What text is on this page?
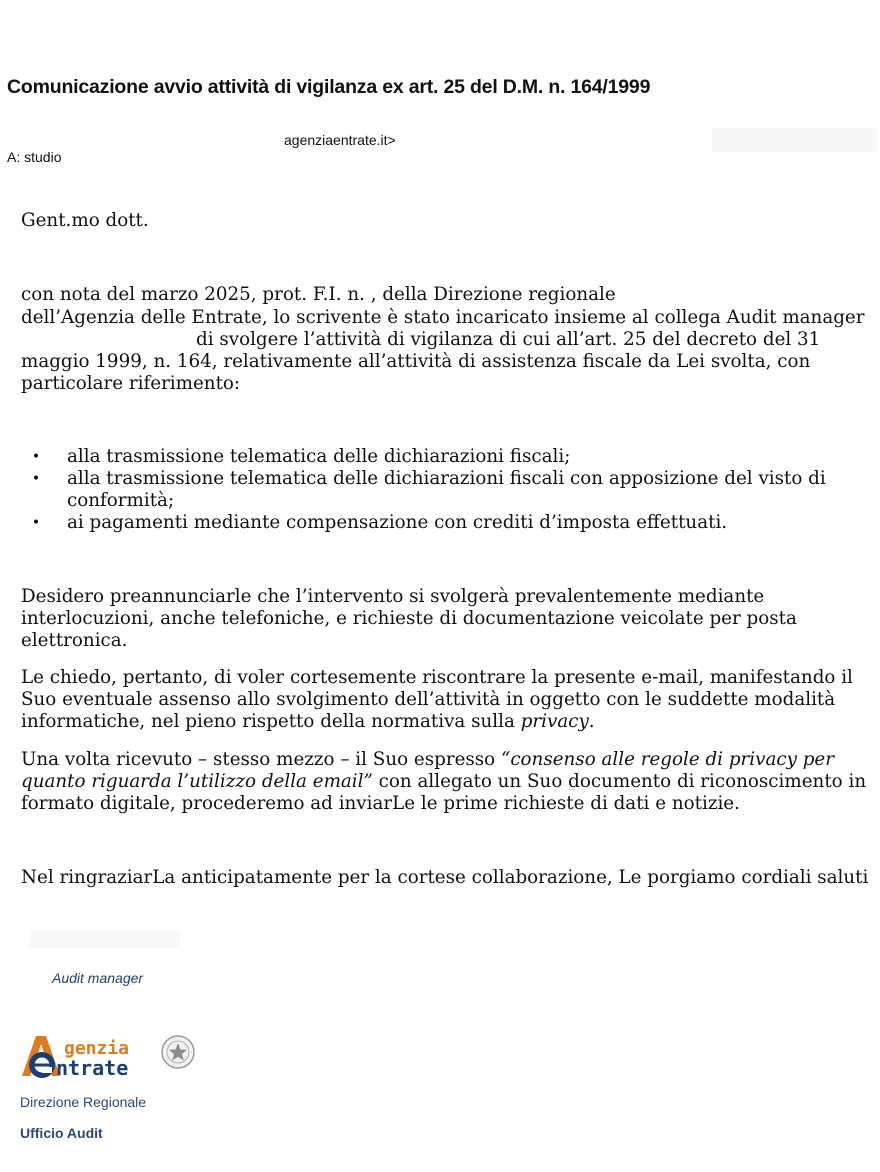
Comunicazione avvio attività di vigilanza ex art. 25 del D.M. n. 164/1999
agenziaentrate.it>
A: studio
Gent.mo dott.
con nota del marzo 2025, prot. F.I. n. , della Direzione regionale
dell’Agenzia delle Entrate, lo scrivente è stato incaricato insieme al collega Audit manager
di svolgere l’attività di vigilanza di cui all’art. 25 del decreto del 31
maggio 1999, n. 164, relativamente all’attività di assistenza fiscale da Lei svolta, con
particolare riferimento:
•	alla trasmissione telematica delle dichiarazioni fiscali;
•	alla trasmissione telematica delle dichiarazioni fiscali con apposizione del visto di
conformità;
•	ai pagamenti mediante compensazione con crediti d’imposta effettuati.
Desidero preannunciarle che l’intervento si svolgerà prevalentemente mediante
interlocuzioni, anche telefoniche, e richieste di documentazione veicolate per posta
elettronica.
Le chiedo, pertanto, di voler cortesemente riscontrare la presente e-mail, manifestando il
Suo eventuale assenso allo svolgimento dell’attività in oggetto con le suddette modalità
informatiche, nel pieno rispetto della normativa sulla privacy.
Una volta ricevuto – stesso mezzo – il Suo espresso “consenso alle regole di privacy per
quanto riguarda l’utilizzo della email” con allegato un Suo documento di riconoscimento in
formato digitale, procederemo ad inviarLe le prime richieste di dati e notizie.
Nel ringraziarLa anticipatamente per la cortese collaborazione, Le porgiamo cordiali saluti
Audit manager
genzia
ntrate
Direzione Regionale
Ufficio Audit
